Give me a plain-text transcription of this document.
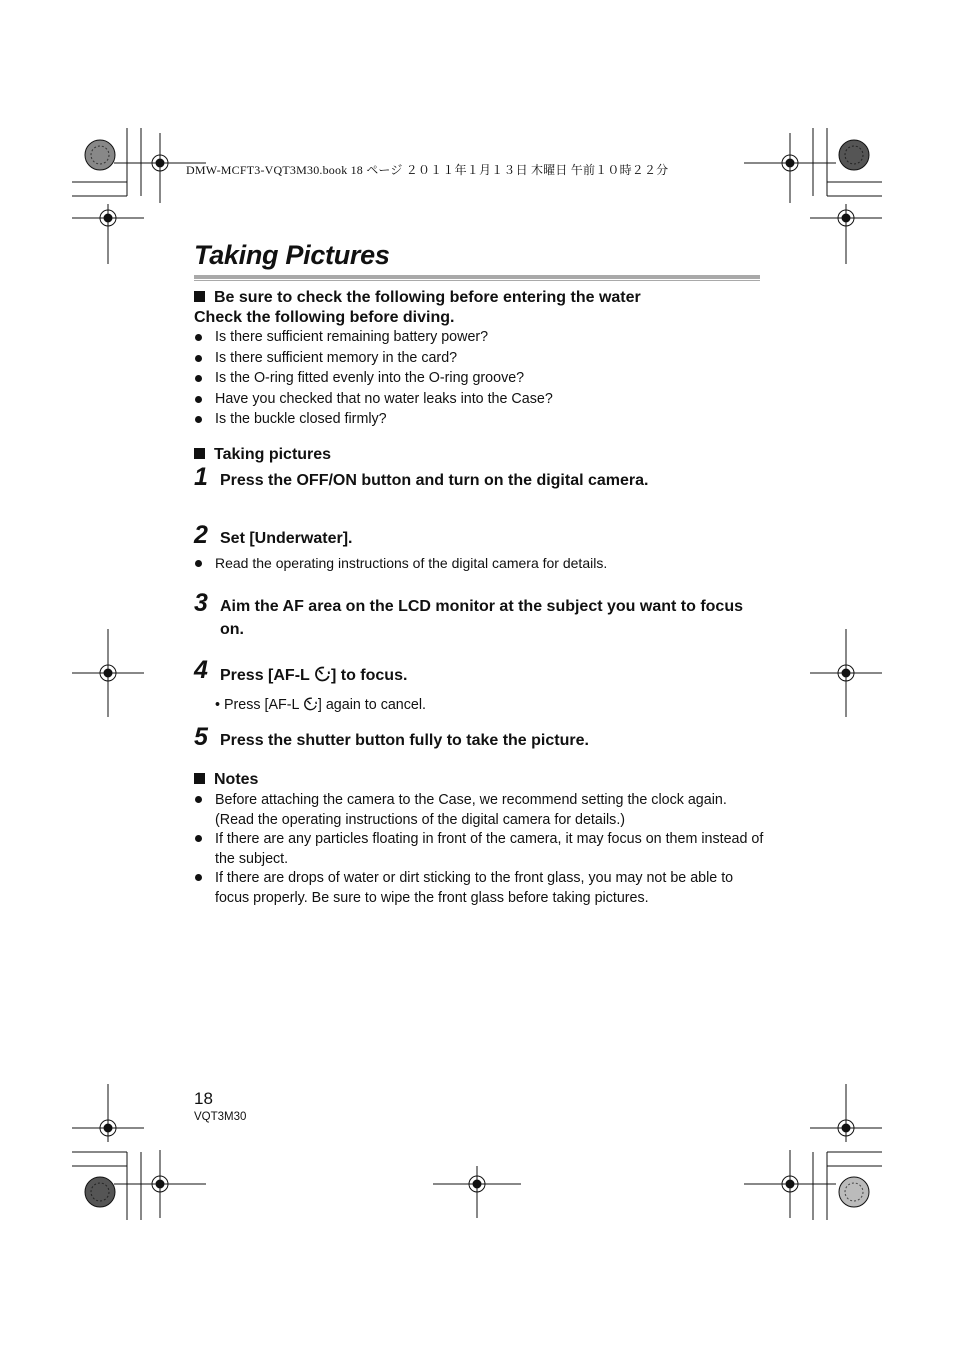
DMW-MCFT3-VQT3M30.book 18 ページ ２０１１年１月１３日 木曜日 午前１０時２２分
Taking Pictures
Be sure to check the following before entering the water
Check the following before diving.
Is there sufficient remaining battery power?
Is there sufficient memory in the card?
Is the O-ring fitted evenly into the O-ring groove?
Have you checked that no water leaks into the Case?
Is the buckle closed firmly?
Taking pictures
1 Press the OFF/ON button and turn on the digital camera.
2 Set [Underwater].
Read the operating instructions of the digital camera for details.
3 Aim the AF area on the LCD monitor at the subject you want to focus
on.
4 Press [AF-L ] to focus.
• Press [AF-L ] again to cancel.
5 Press the shutter button fully to take the picture.
Notes
Before attaching the camera to the Case, we recommend setting the clock again. (Read the operating instructions of the digital camera for details.)
If there are any particles floating in front of the camera, it may focus on them instead of the subject.
If there are drops of water or dirt sticking to the front glass, you may not be able to focus properly. Be sure to wipe the front glass before taking pictures.
18
VQT3M30
